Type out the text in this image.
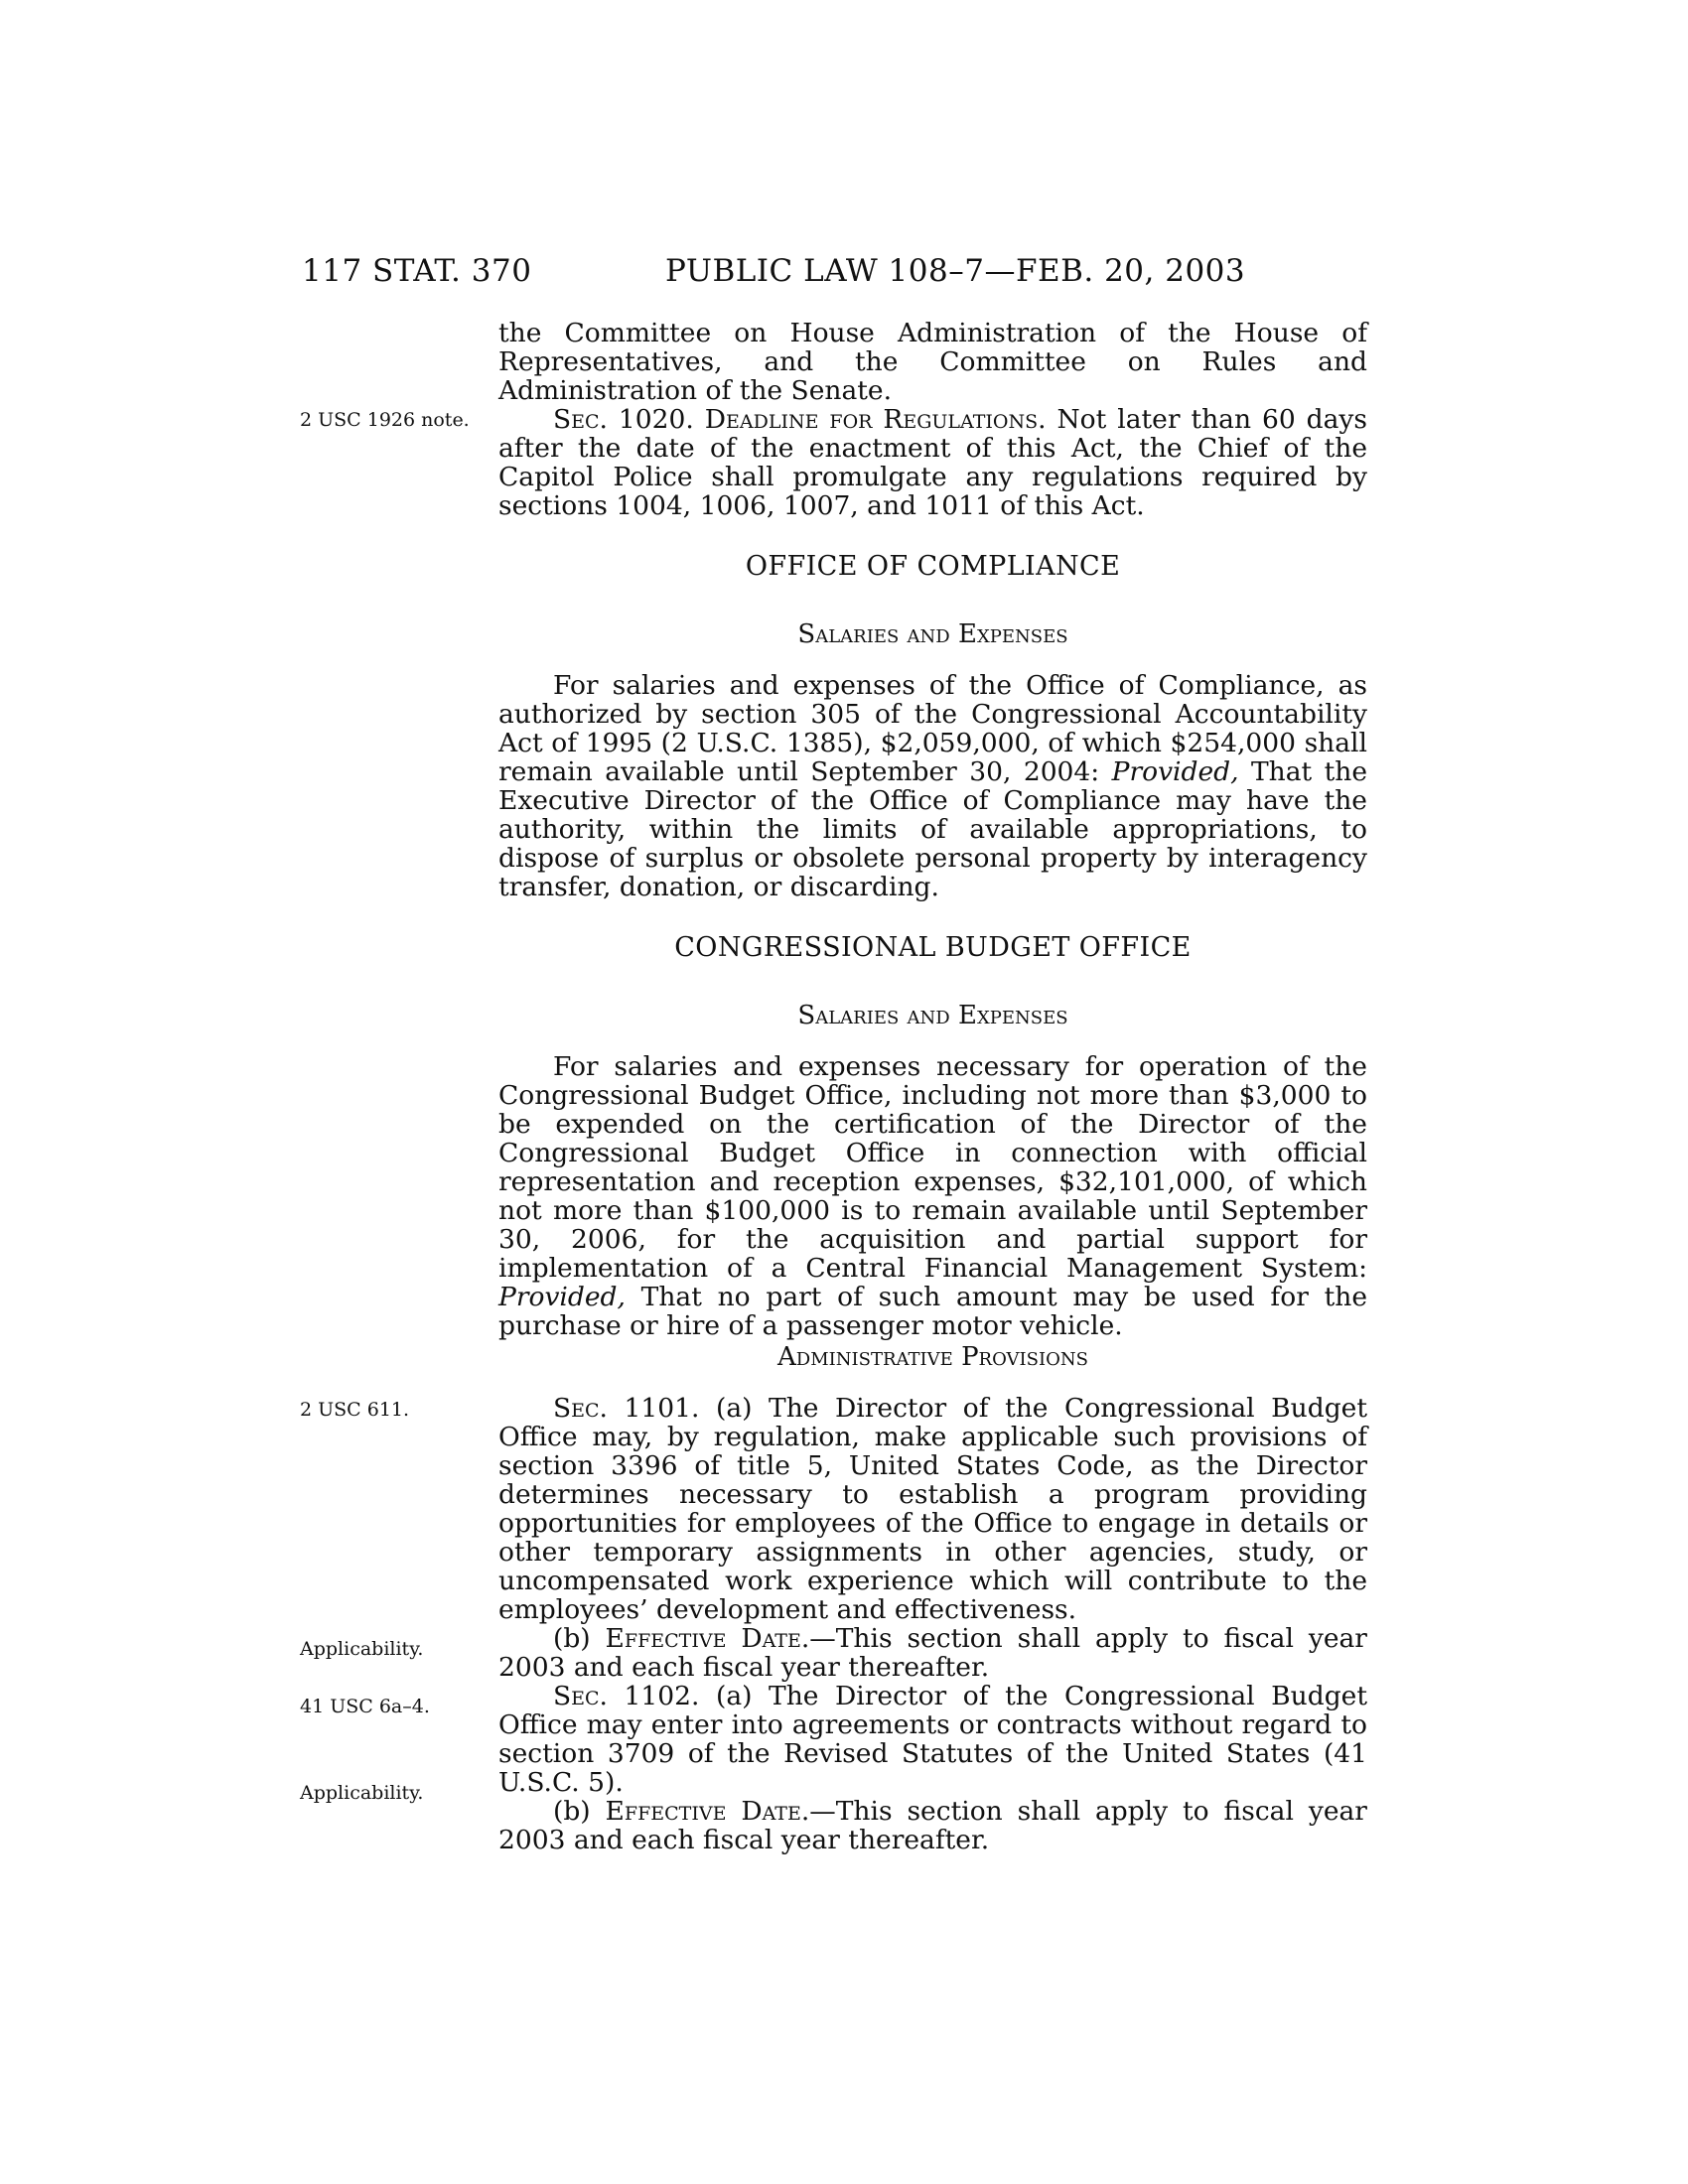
117 STAT. 370	PUBLIC LAW 108–7—FEB. 20, 2003
2 USC 1926 note.
2 USC 611.
Applicability.
41 USC 6a–4.
Applicability.

the Committee on House Administration of the House of Representatives, and the Committee on Rules and Administration of the Senate.

Sec. 1020. Deadline for Regulations. Not later than 60 days after the date of the enactment of this Act, the Chief of the Capitol Police shall promulgate any regulations required by sections 1004, 1006, 1007, and 1011 of this Act.

OFFICE OF COMPLIANCE

Salaries and Expenses

For salaries and expenses of the Office of Compliance, as authorized by section 305 of the Congressional Accountability Act of 1995 (2 U.S.C. 1385), $2,059,000, of which $254,000 shall remain available until September 30, 2004: Provided, That the Executive Director of the Office of Compliance may have the authority, within the limits of available appropriations, to dispose of surplus or obsolete personal property by interagency transfer, donation, or discarding.

CONGRESSIONAL BUDGET OFFICE

Salaries and Expenses

For salaries and expenses necessary for operation of the Congressional Budget Office, including not more than $3,000 to be expended on the certification of the Director of the Congressional Budget Office in connection with official representation and reception expenses, $32,101,000, of which not more than $100,000 is to remain available until September 30, 2006, for the acquisition and partial support for implementation of a Central Financial Management System: Provided, That no part of such amount may be used for the purchase or hire of a passenger motor vehicle.

Administrative Provisions

Sec. 1101. (a) The Director of the Congressional Budget Office may, by regulation, make applicable such provisions of section 3396 of title 5, United States Code, as the Director determines necessary to establish a program providing opportunities for employees of the Office to engage in details or other temporary assignments in other agencies, study, or uncompensated work experience which will contribute to the employees’ development and effectiveness.

(b) Effective Date.—This section shall apply to fiscal year 2003 and each fiscal year thereafter.

Sec. 1102. (a) The Director of the Congressional Budget Office may enter into agreements or contracts without regard to section 3709 of the Revised Statutes of the United States (41 U.S.C. 5).

(b) Effective Date.—This section shall apply to fiscal year 2003 and each fiscal year thereafter.
